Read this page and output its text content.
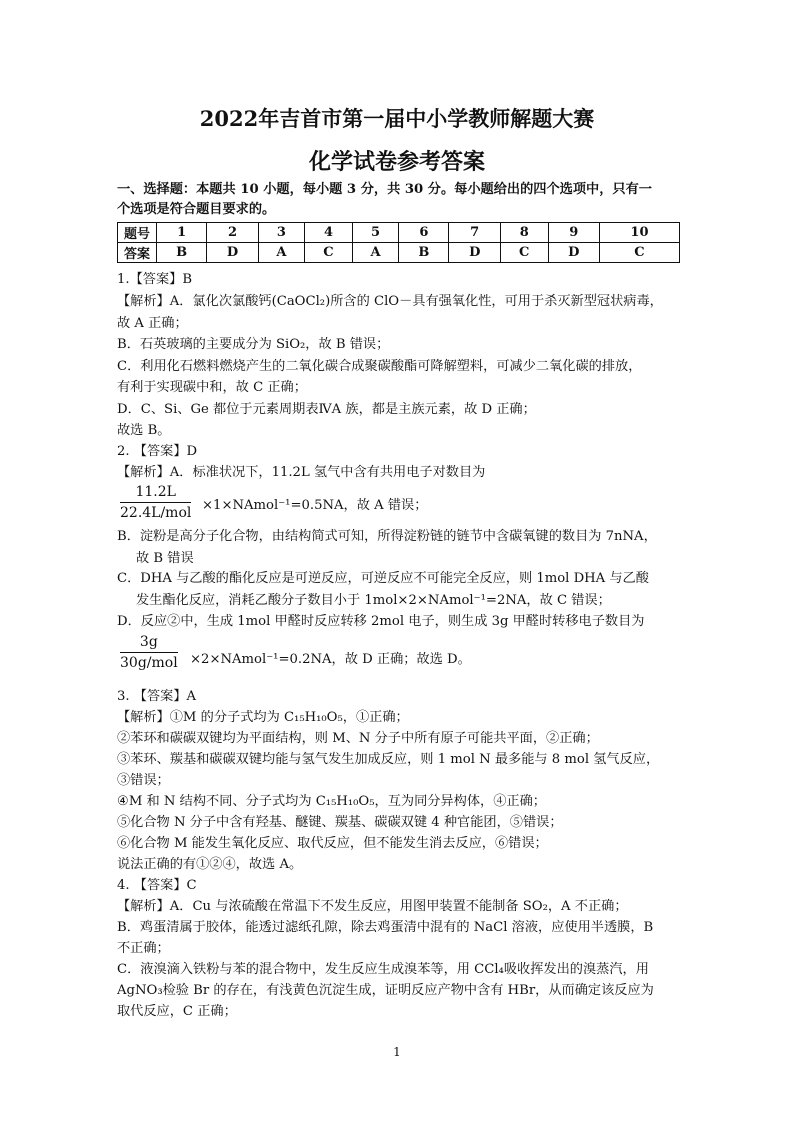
2022年吉首市第一届中小学教师解题大赛
化学试卷参考答案
一、选择题：本题共 10 小题，每小题 3 分，共 30 分。每小题给出的四个选项中，只有一
个选项是符合题目要求的。
题号	1	2	3	4	5	6	7	8	9	10
答案	B	D	A	C	A	B	D	C	D	C
1.【答案】B
【解析】A．氯化次氯酸钙(CaOCl₂)所含的 ClO－具有强氧化性，可用于杀灭新型冠状病毒，
故 A 正确；
B．石英玻璃的主要成分为 SiO₂，故 B 错误；
C．利用化石燃料燃烧产生的二氧化碳合成聚碳酸酯可降解塑料，可减少二氧化碳的排放，
有利于实现碳中和，故 C 正确；
D．C、Si、Ge 都位于元素周期表ⅣA 族，都是主族元素，故 D 正确；
故选 B。
2. 【答案】D
【解析】A．标准状况下，11.2L 氢气中含有共用电子对数目为
11.2L
22.4L/mol ×1×NAmol⁻¹=0.5NA，故 A 错误；
B．淀粉是高分子化合物，由结构简式可知，所得淀粉链的链节中含碳氧键的数目为 7nNA，
故 B 错误
C．DHA 与乙酸的酯化反应是可逆反应，可逆反应不可能完全反应，则 1mol DHA 与乙酸
发生酯化反应，消耗乙酸分子数目小于 1mol×2×NAmol⁻¹=2NA，故 C 错误；
D．反应②中，生成 1mol 甲醛时反应转移 2mol 电子，则生成 3g 甲醛时转移电子数目为
3g
30g/mol ×2×NAmol⁻¹=0.2NA，故 D 正确；故选 D。
3. 【答案】A
【解析】①M 的分子式均为 C₁₅H₁₀O₅，①正确；
②苯环和碳碳双键均为平面结构，则 M、N 分子中所有原子可能共平面，②正确；
③苯环、羰基和碳碳双键均能与氢气发生加成反应，则 1 mol N 最多能与 8 mol 氢气反应，
③错误；
④M 和 N 结构不同、分子式均为 C₁₅H₁₀O₅，互为同分异构体，④正确；
⑤化合物 N 分子中含有羟基、醚键、羰基、碳碳双键 4 种官能团，⑤错误；
⑥化合物 M 能发生氧化反应、取代反应，但不能发生消去反应，⑥错误；
说法正确的有①②④，故选 A。
4. 【答案】C
【解析】A．Cu 与浓硫酸在常温下不发生反应，用图甲装置不能制备 SO₂，A 不正确；
B．鸡蛋清属于胶体，能透过滤纸孔隙，除去鸡蛋清中混有的 NaCl 溶液，应使用半透膜，B
不正确；
C．液溴滴入铁粉与苯的混合物中，发生反应生成溴苯等，用 CCl₄吸收挥发出的溴蒸汽，用
AgNO₃检验 Br 的存在，有浅黄色沉淀生成，证明反应产物中含有 HBr，从而确定该反应为
取代反应，C 正确；
1
